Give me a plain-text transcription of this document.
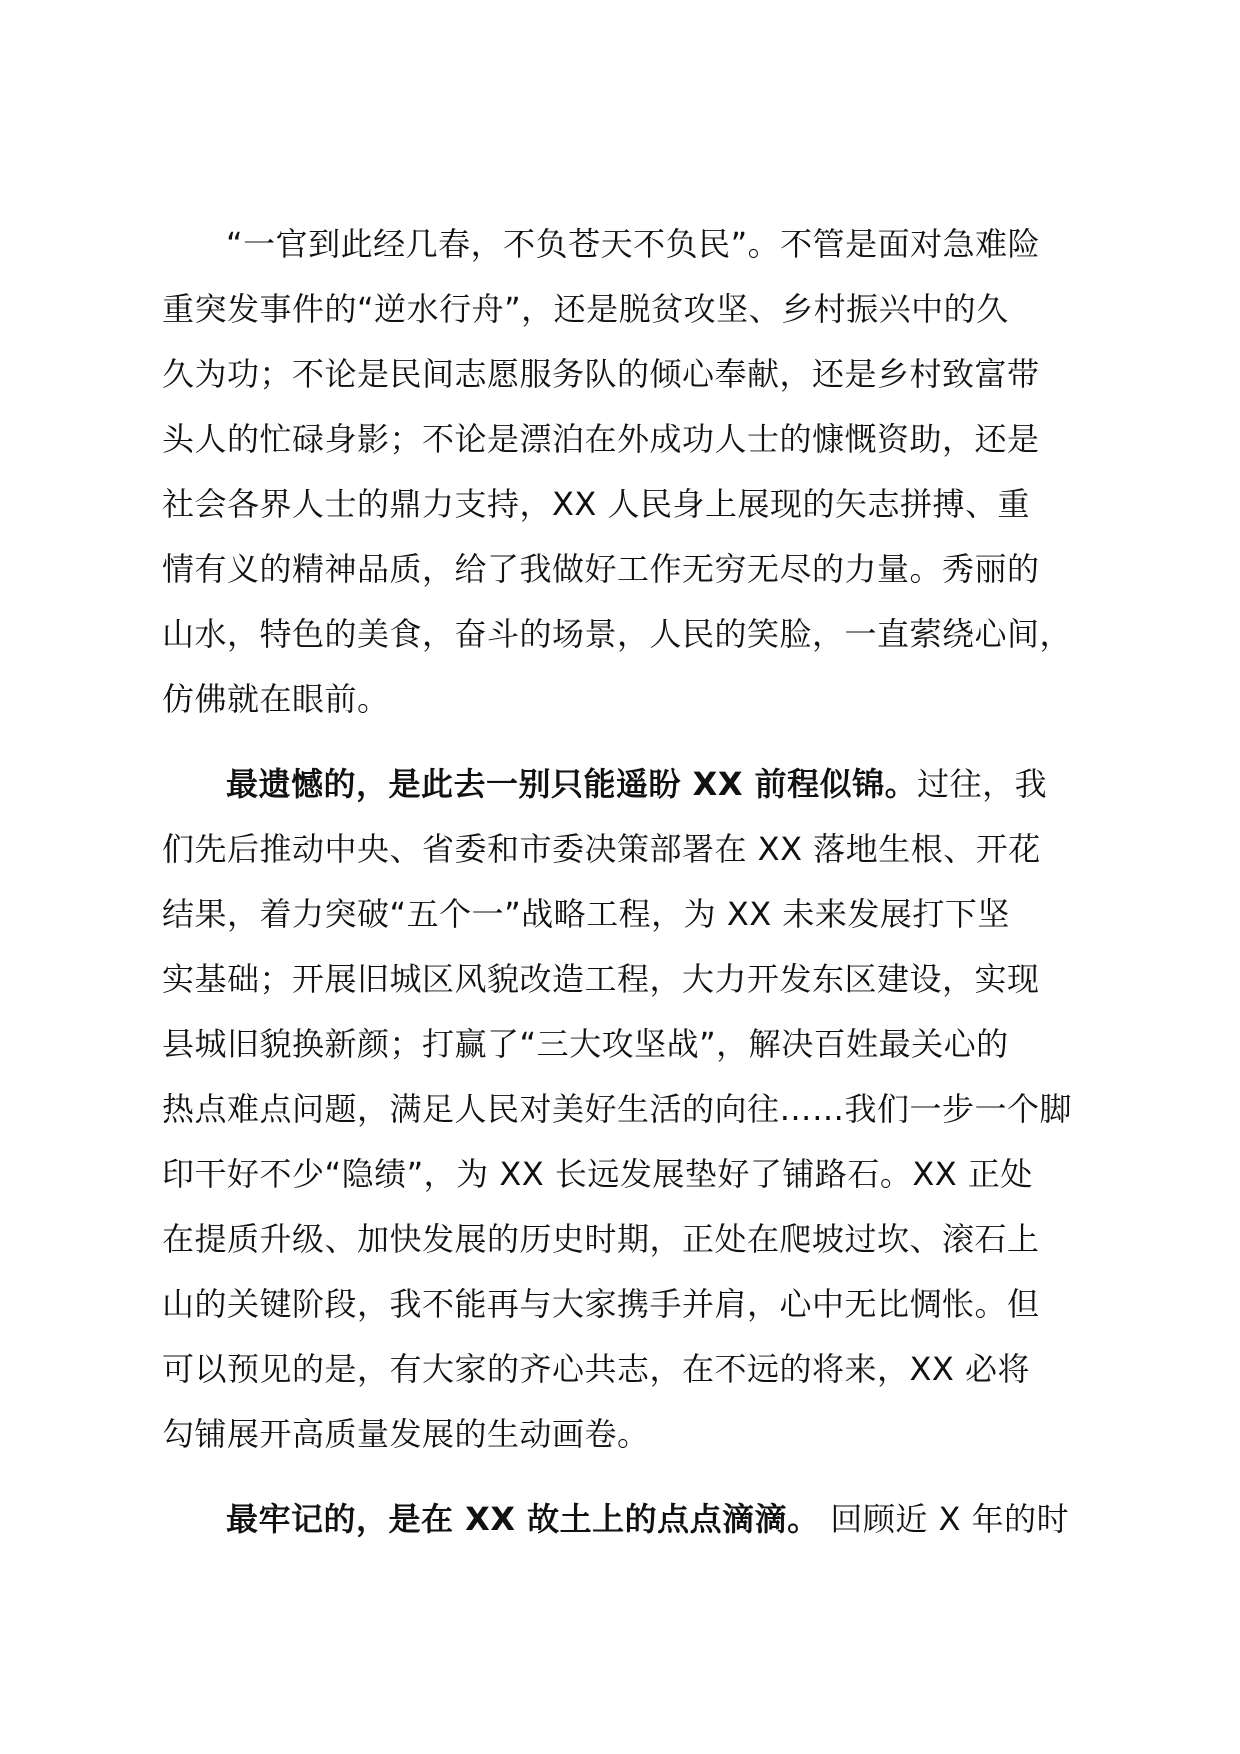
“一官到此经几春，不负苍天不负民”。不管是面对急难险
重突发事件的“逆水行舟”，还是脱贫攻坚、乡村振兴中的久
久为功；不论是民间志愿服务队的倾心奉献，还是乡村致富带
头人的忙碌身影；不论是漂泊在外成功人士的慷慨资助，还是
社会各界人士的鼎力支持，XX 人民身上展现的矢志拼搏、重
情有义的精神品质，给了我做好工作无穷无尽的力量。秀丽的
山水，特色的美食，奋斗的场景，人民的笑脸，一直萦绕心间，
仿佛就在眼前。
最遗憾的，是此去一别只能遥盼 XX 前程似锦。过往，我
们先后推动中央、省委和市委决策部署在 XX 落地生根、开花
结果，着力突破“五个一”战略工程，为 XX 未来发展打下坚
实基础；开展旧城区风貌改造工程，大力开发东区建设，实现
县城旧貌换新颜；打赢了“三大攻坚战”，解决百姓最关心的
热点难点问题，满足人民对美好生活的向往……我们一步一个脚
印干好不少“隐绩”，为 XX 长远发展垫好了铺路石。XX 正处
在提质升级、加快发展的历史时期，正处在爬坡过坎、滚石上
山的关键阶段，我不能再与大家携手并肩，心中无比惆怅。但
可以预见的是，有大家的齐心共志，在不远的将来，XX 必将
勾铺展开高质量发展的生动画卷。
最牢记的，是在 XX 故土上的点点滴滴。 回顾近 X 年的时
